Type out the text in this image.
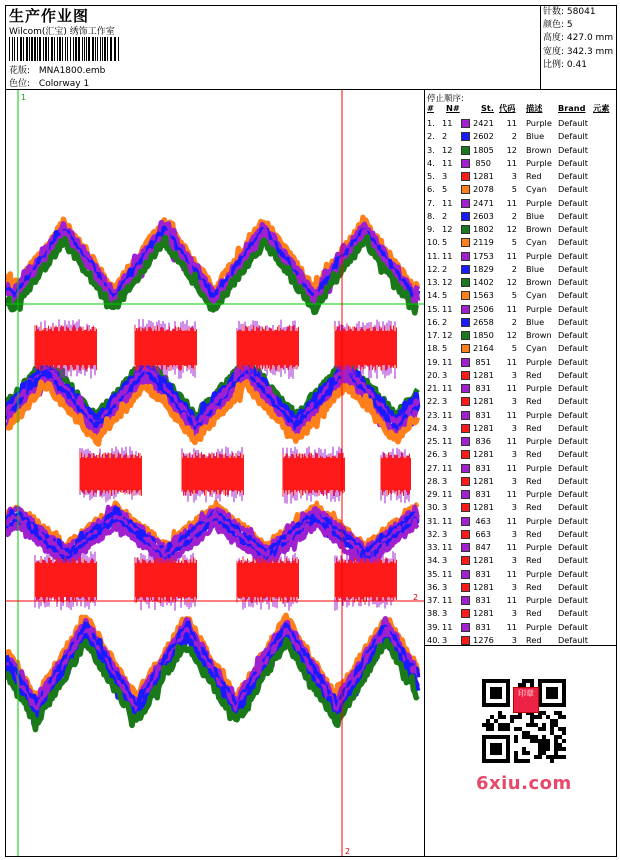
生产作业图
Wilcom(汇宝) 绣饰工作室
花版: MNA1800.emb
色位: Colorway 1
针数: 58041
颜色: 5
高度: 427.0 mm
宽度: 342.3 mm
比例: 0.41
1
1
2
2
停止顺序:
# N#	St. 代码 描述 Brand 元素
1. 11	2421	11 Purple Default
2. 2	2602	2 Blue Default
3. 12	1805	12 Brown Default
4. 11	850	11 Purple Default
5. 3	1281	3 Red Default
6. 5	2078	5 Cyan Default
7. 11	2471	11 Purple Default
8. 2	2603	2 Blue Default
9. 12	1802	12 Brown Default
10. 5	2119	5 Cyan Default
11. 11	1753	11 Purple Default
12. 2	1829	2 Blue Default
13. 12	1402	12 Brown Default
14. 5	1563	5 Cyan Default
15. 11	2506	11 Purple Default
16. 2	2658	2 Blue Default
17. 12	1850	12 Brown Default
18. 5	2164	5 Cyan Default
19. 11	851	11 Purple Default
20. 3	1281	3 Red Default
21. 11	831	11 Purple Default
22. 3	1281	3 Red Default
23. 11	831	11 Purple Default
24. 3	1281	3 Red Default
25. 11	836	11 Purple Default
26. 3	1281	3 Red Default
27. 11	831	11 Purple Default
28. 3	1281	3 Red Default
29. 11	831	11 Purple Default
30. 3	1281	3 Red Default
31. 11	463	11 Purple Default
32. 3	663	3 Red Default
33. 11	847	11 Purple Default
34. 3	1281	3 Red Default
35. 11	831	11 Purple Default
36. 3	1281	3 Red Default
37. 11	831	11 Purple Default
38. 3	1281	3 Red Default
39. 11	831	11 Purple Default
40. 3	1276	3 Red Default
印章
6xiu.com
